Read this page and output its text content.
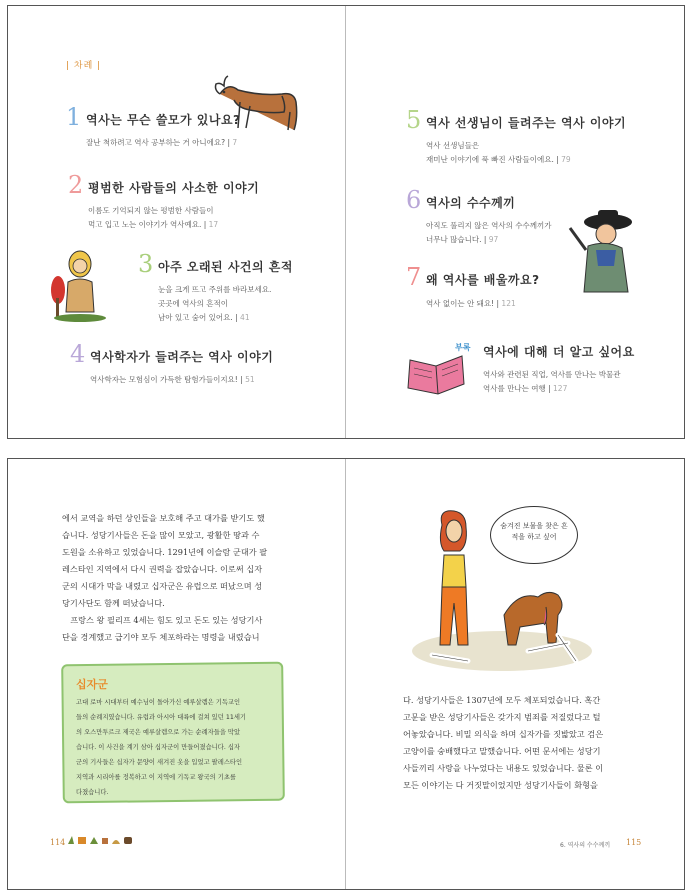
| 차례 |
1 역사는 무슨 쓸모가 있나요?
잘난 척하려고 역사 공부하는 거 아니에요? | 7
2 평범한 사람들의 사소한 이야기
이름도 기억되지 않는 평범한 사람들이
먹고 입고 노는 이야기가 역사예요. | 17
3 아주 오래된 사건의 흔적
눈을 크게 뜨고 주위를 바라보세요.
곳곳에 역사의 흔적이
남아 있고 숨어 있어요. | 41
4 역사학자가 들려주는 역사 이야기
역사학자는 모험심이 가득한 탐험가들이지요! | 51
5 역사 선생님이 들려주는 역사 이야기
역사 선생님들은
재미난 이야기에 푹 빠진 사람들이에요. | 79
6 역사의 수수께끼
아직도 풀리지 않은 역사의 수수께끼가
너무나 많습니다. | 97
7 왜 역사를 배울까요?
역사 없이는 안 돼요! | 121
부록 역사에 대해 더 알고 싶어요
역사와 관련된 직업, 역사를 만나는 박물관
역사를 만나는 여행 | 127
에서 교역을 하던 상인들을 보호해 주고 대가를 받기도 했
습니다. 성당기사들은 돈을 많이 모았고, 광활한 땅과 수
도원을 소유하고 있었습니다. 1291년에 이슬람 군대가 팔
레스타인 지역에서 다시 권력을 잡았습니다. 이로써 십자
군의 시대가 막을 내렸고 십자군은 유럽으로 떠났으며 성
당기사단도 함께 떠났습니다.
　프랑스 왕 필리프 4세는 힘도 있고 돈도 있는 성당기사
단을 경계했고 급기야 모두 체포하라는 명령을 내렸습니
십자군
고대 로마 시대부터 예수님이 돌아가신 예루살렘은 기독교인
들의 순례지였습니다. 유럽과 아시아 대륙에 걸쳐 있던 11세기
의 오스만투르크 제국은 예루살렘으로 가는 순례자들을 막았
습니다. 이 사건을 계기 삼아 십자군이 만들어졌습니다. 십자
군의 기사들은 십자가 문양이 새겨진 옷을 입었고 팔레스타인
지역과 시리아를 정복하고 이 지역에 기독교 왕국의 기초를
다졌습니다.
114
숨겨진 보물을 찾은 흔적을 하고 싶어
다. 성당기사들은 1307년에 모두 체포되었습니다. 혹간
고문을 받은 성당기사들은 갖가지 범죄를 저질렀다고 털
어놓았습니다. 비밀 의식을 하며 십자가를 짓밟았고 검은
고양이를 숭배했다고 말했습니다. 어떤 문서에는 성당기
사들끼리 사랑을 나누었다는 내용도 있었습니다. 물론 이
모든 이야기는 다 거짓말이었지만 성당기사들이 화형을
6. 역사의 수수께끼 115
